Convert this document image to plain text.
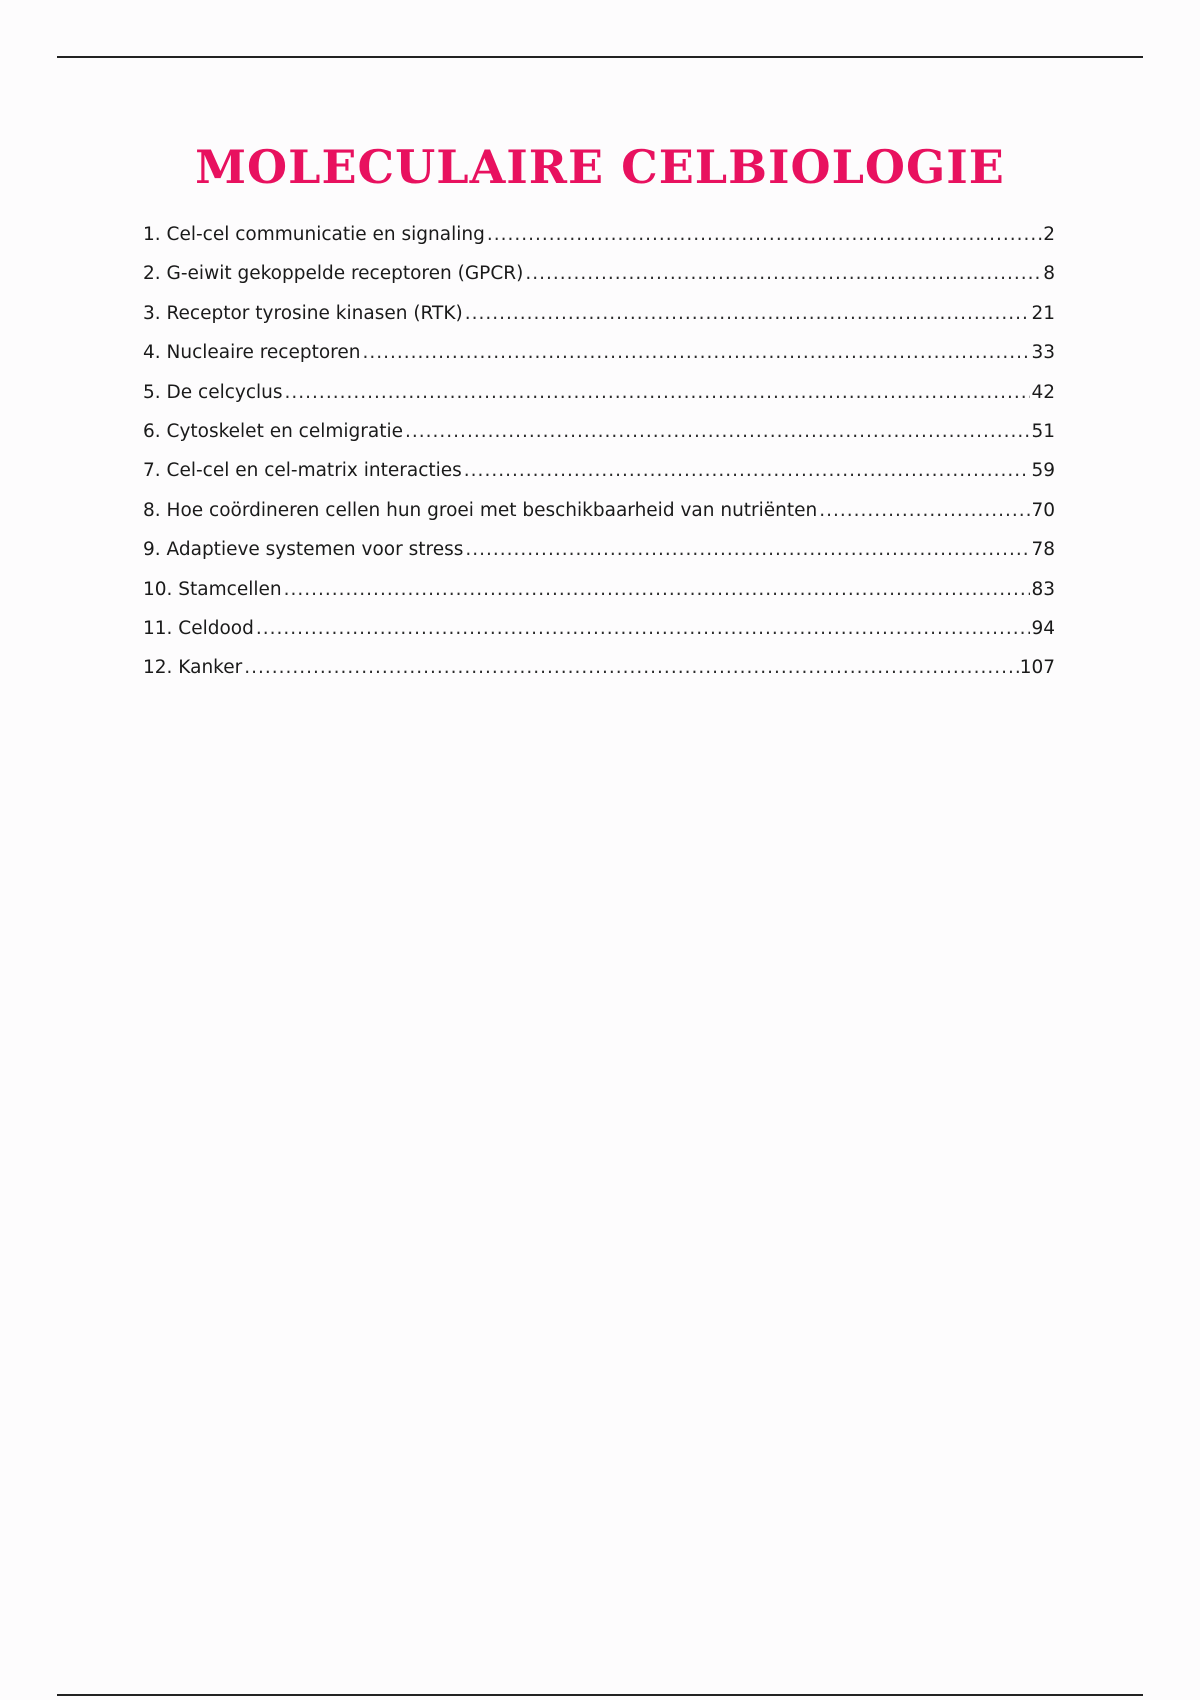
MOLECULAIRE CELBIOLOGIE
1. Cel-cel communicatie en signaling .....	2
2. G-eiwit gekoppelde receptoren (GPCR) .....	8
3. Receptor tyrosine kinasen (RTK) .....	21
4. Nucleaire receptoren .....	33
5. De celcyclus .....	42
6. Cytoskelet en celmigratie .....	51
7. Cel-cel en cel-matrix interacties .....	59
8. Hoe coördineren cellen hun groei met beschikbaarheid van nutriënten .....	70
9. Adaptieve systemen voor stress .....	78
10. Stamcellen .....	83
11. Celdood .....	94
12. Kanker .....	107
